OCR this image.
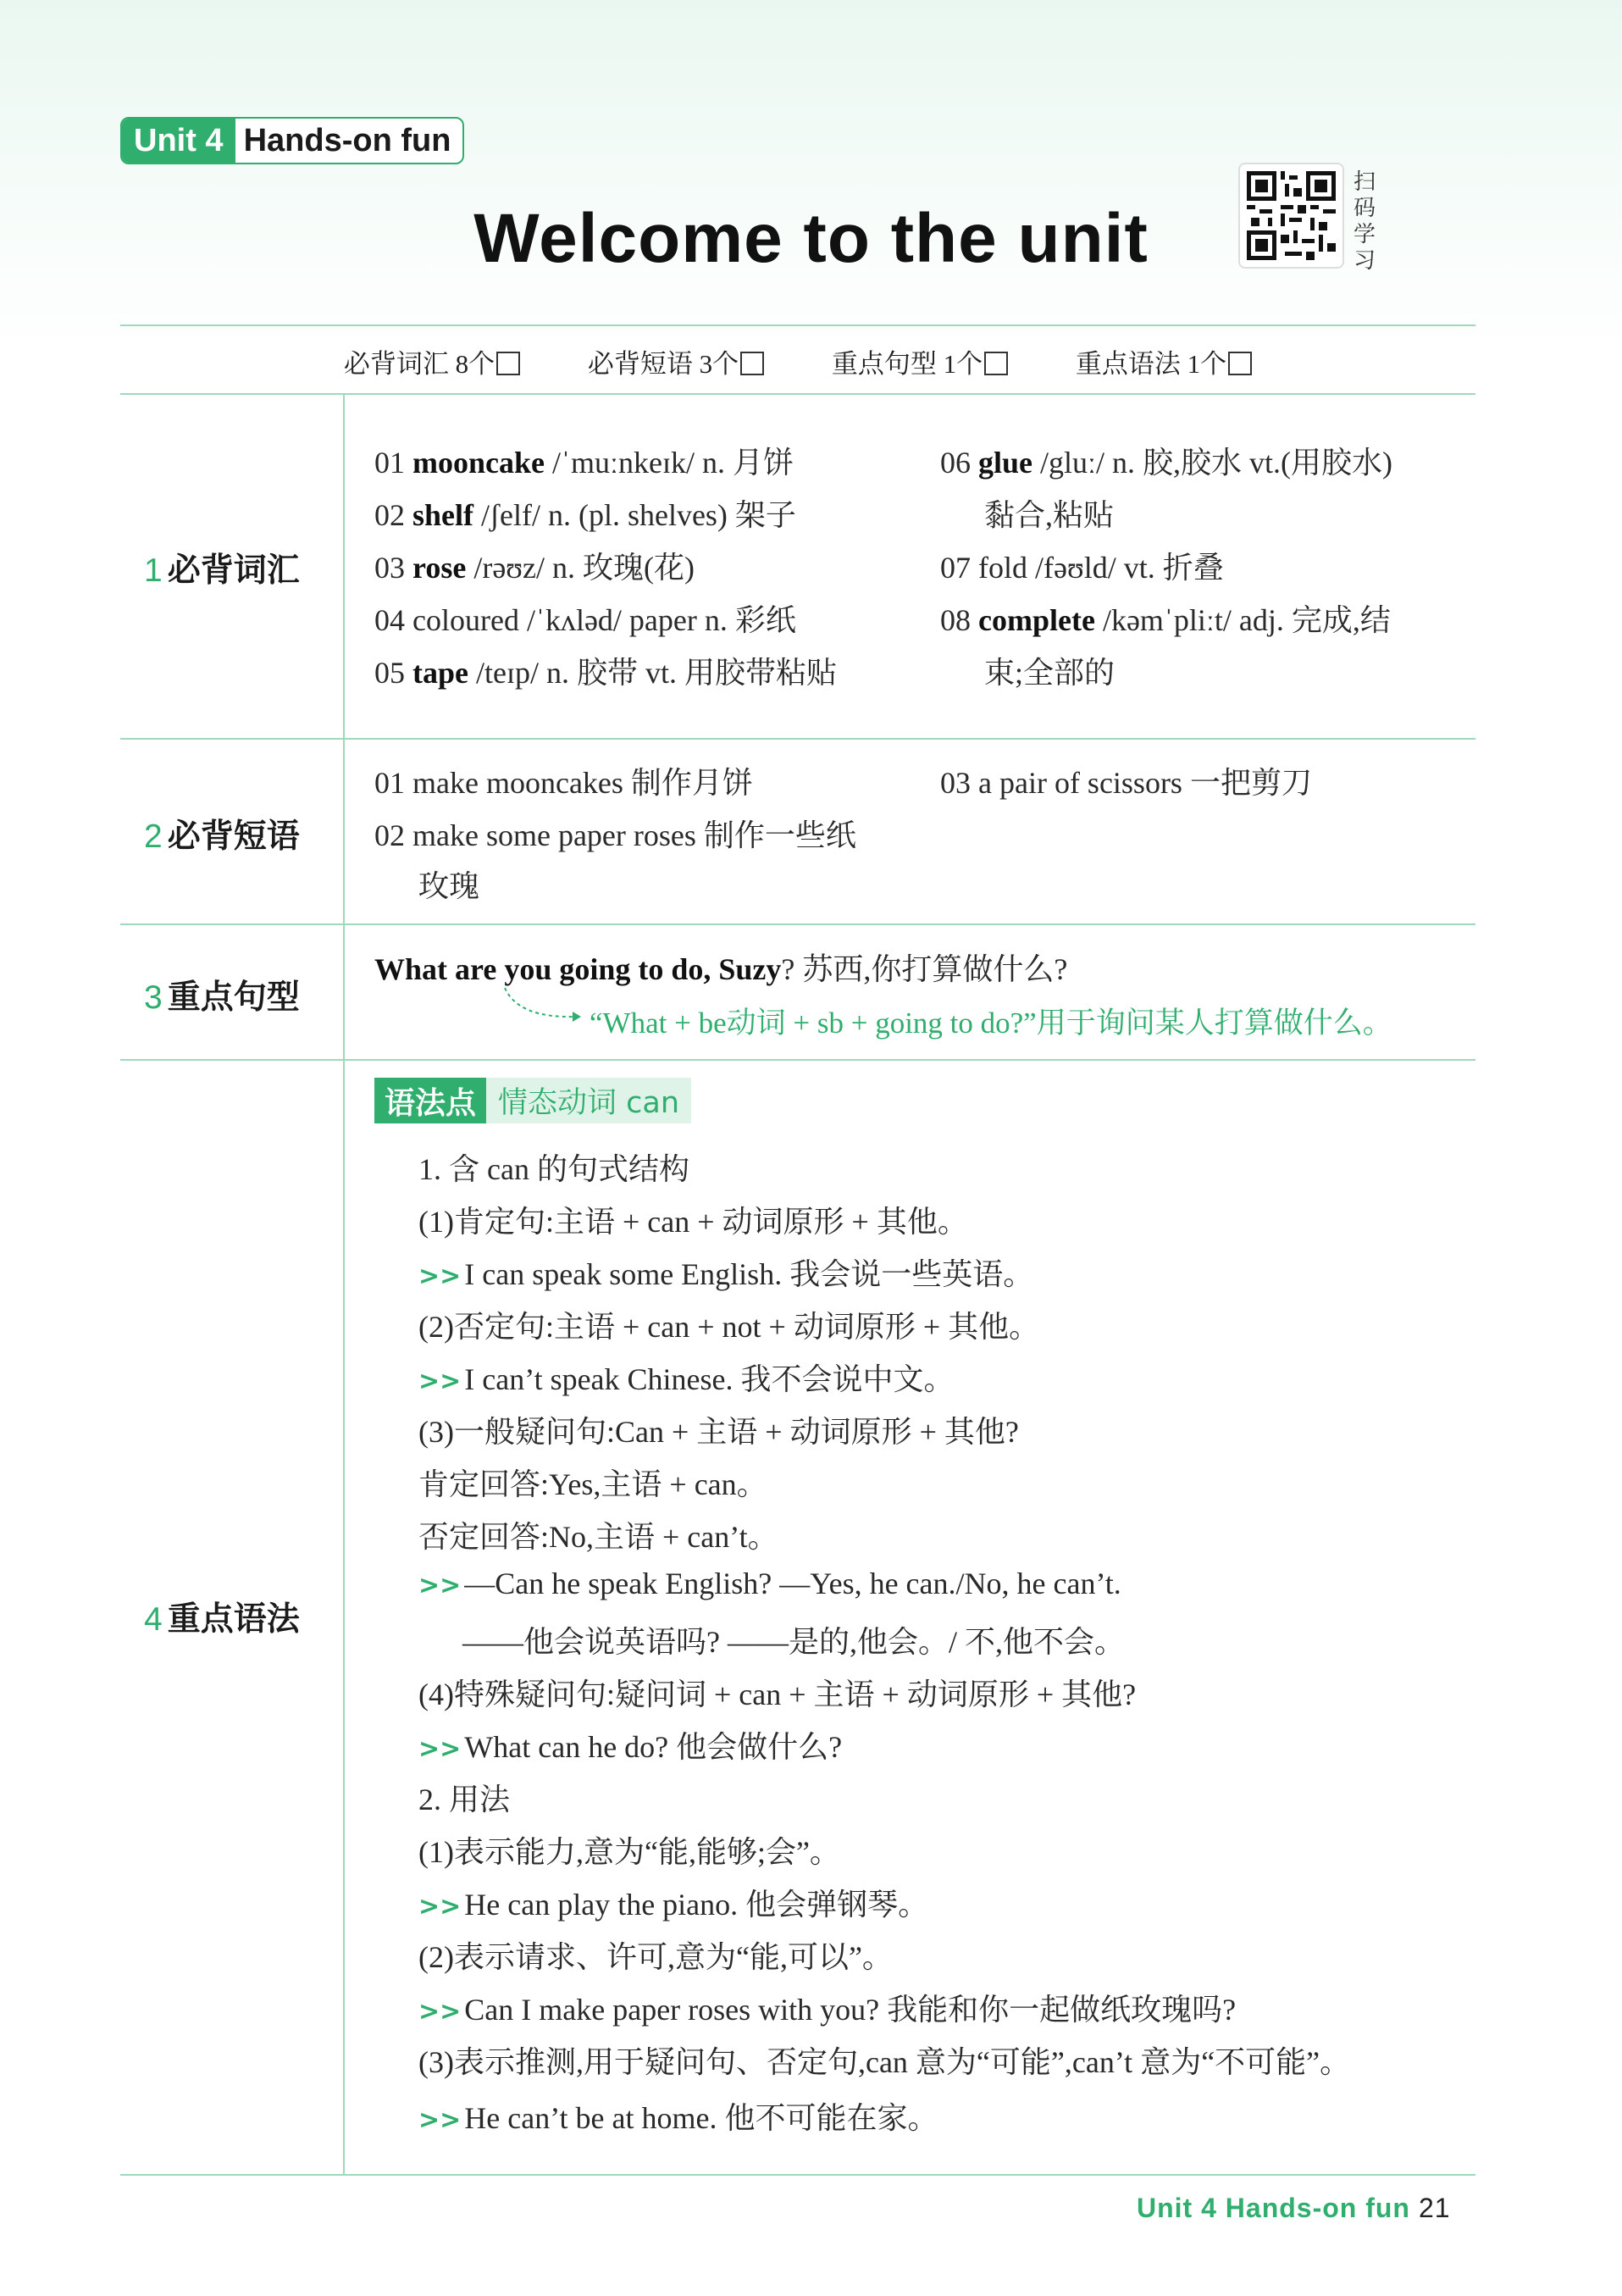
Unit 4 Hands-on fun
Welcome to the unit
扫
码
学
习
必背词汇 8个	必背短语 3个	重点句型 1个	重点语法 1个
1 必背词汇
01 mooncake /ˈmuːnkeɪk/ n. 月饼
02 shelf /ʃelf/ n. (pl. shelves) 架子
03 rose /rəʊz/ n. 玫瑰(花)
04 coloured /ˈkʌləd/ paper n. 彩纸
05 tape /teɪp/ n. 胶带 vt. 用胶带粘贴
06 glue /gluː/ n. 胶,胶水 vt.(用胶水)
黏合,粘贴
07 fold /fəʊld/ vt. 折叠
08 complete /kəmˈpliːt/ adj. 完成,结
束;全部的
2 必背短语
01 make mooncakes 制作月饼
02 make some paper roses 制作一些纸
玫瑰
03 a pair of scissors 一把剪刀
3 重点句型
What are you going to do, Suzy? 苏西,你打算做什么?
“What + be动词 + sb + going to do?”用于询问某人打算做什么。
4 重点语法
语法点 情态动词 can
1. 含 can 的句式结构
(1)肯定句:主语 + can + 动词原形 + 其他。
>> I can speak some English. 我会说一些英语。
(2)否定句:主语 + can + not + 动词原形 + 其他。
>> I can’t speak Chinese. 我不会说中文。
(3)一般疑问句:Can + 主语 + 动词原形 + 其他?
肯定回答:Yes,主语 + can。
否定回答:No,主语 + can’t。
>> —Can he speak English? —Yes, he can./No, he can’t.
——他会说英语吗? ——是的,他会。/ 不,他不会。
(4)特殊疑问句:疑问词 + can + 主语 + 动词原形 + 其他?
>> What can he do? 他会做什么?
2. 用法
(1)表示能力,意为“能,能够;会”。
>> He can play the piano. 他会弹钢琴。
(2)表示请求、许可,意为“能,可以”。
>> Can I make paper roses with you? 我能和你一起做纸玫瑰吗?
(3)表示推测,用于疑问句、否定句,can 意为“可能”,can’t 意为“不可能”。
>> He can’t be at home. 他不可能在家。
Unit 4 Hands-on fun 21
